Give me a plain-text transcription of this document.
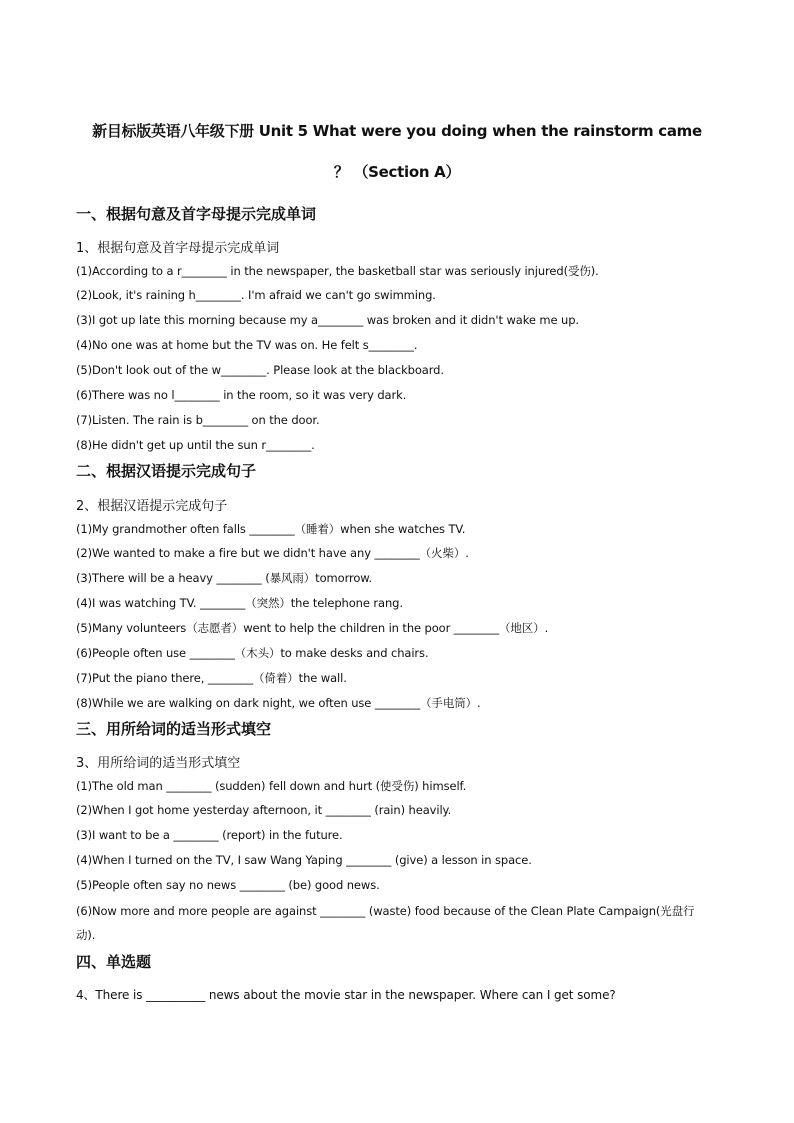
新目标版英语八年级下册 Unit 5 What were you doing when the rainstorm came
？ （Section A）
一、根据句意及首字母提示完成单词
1、根据句意及首字母提示完成单词
(1)According to a r________ in the newspaper, the basketball star was seriously injured(受伤).
(2)Look, it's raining h________. I'm afraid we can't go swimming.
(3)I got up late this morning because my a________ was broken and it didn't wake me up.
(4)No one was at home but the TV was on. He felt s________.
(5)Don't look out of the w________. Please look at the blackboard.
(6)There was no l________ in the room, so it was very dark.
(7)Listen. The rain is b________ on the door.
(8)He didn't get up until the sun r________.
二、根据汉语提示完成句子
2、根据汉语提示完成句子
(1)My grandmother often falls ________（睡着）when she watches TV.
(2)We wanted to make a fire but we didn't have any ________（火柴）.
(3)There will be a heavy ________ (暴风雨）tomorrow.
(4)I was watching TV. ________（突然）the telephone rang.
(5)Many volunteers（志愿者）went to help the children in the poor ________（地区）.
(6)People often use ________（木头）to make desks and chairs.
(7)Put the piano there, ________（倚着）the wall.
(8)While we are walking on dark night, we often use ________（手电筒）.
三、用所给词的适当形式填空
3、用所给词的适当形式填空
(1)The old man ________ (sudden) fell down and hurt (使受伤) himself.
(2)When I got home yesterday afternoon, it ________ (rain) heavily.
(3)I want to be a ________ (report) in the future.
(4)When I turned on the TV, I saw Wang Yaping ________ (give) a lesson in space.
(5)People often say no news ________ (be) good news.
(6)Now more and more people are against ________ (waste) food because of the Clean Plate Campaign(光盘行
动).
四、单选题
4、There is __________ news about the movie star in the newspaper. Where can I get some?
